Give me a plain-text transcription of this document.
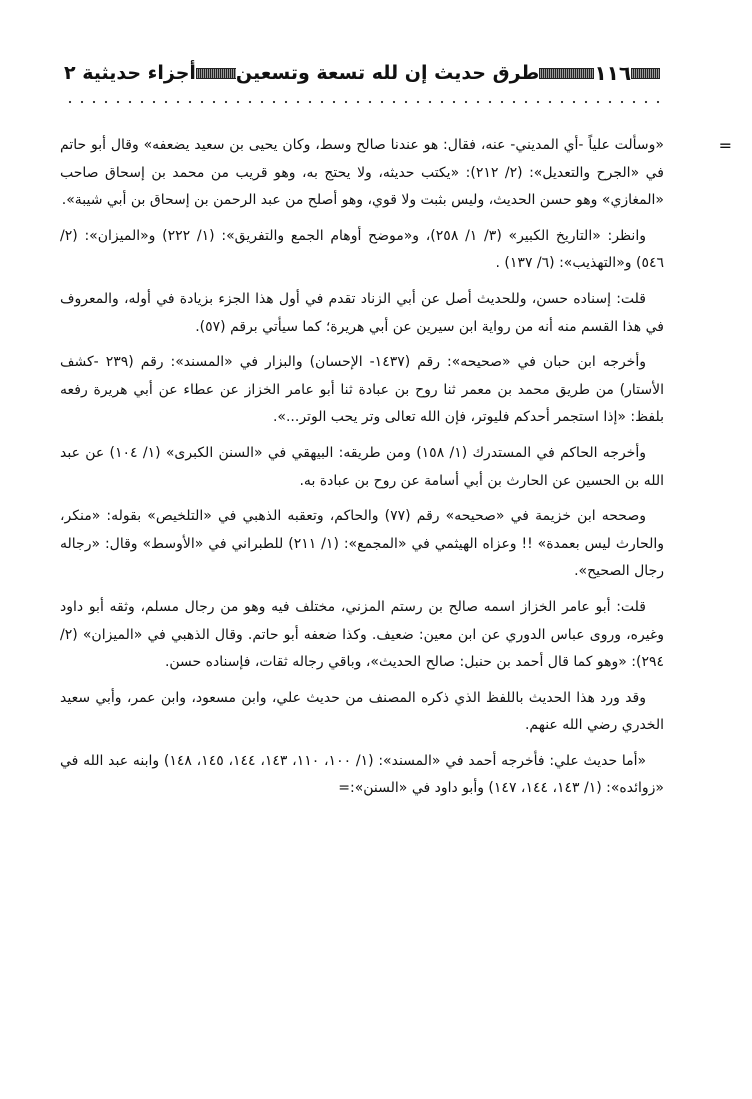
١١٦
طرق حديث إن لله تسعة وتسعين
أجزاء حديثية ٢
=

«وسألت علياً -أي المديني- عنه، فقال: هو عندنا صالح وسط، وكان يحيى بن سعيد يضعفه» وقال أبو حاتم في «الجرح والتعديل»: (٢/ ٢١٢): «يكتب حديثه، ولا يحتج به، وهو قريب من محمد بن إسحاق صاحب «المغازي» وهو حسن الحديث، وليس بثبت ولا قوي، وهو أصلح من عبد الرحمن بن إسحاق بن أبي شيبة».

وانظر: «التاريخ الكبير» (٣/ ١/ ٢٥٨)، و«موضح أوهام الجمع والتفريق»: (١/ ٢٢٢) و«الميزان»: (٢/ ٥٤٦) و«التهذيب»: (٦/ ١٣٧) .

قلت: إسناده حسن، وللحديث أصل عن أبي الزناد تقدم في أول هذا الجزء بزيادة في أوله، والمعروف في هذا القسم منه أنه من رواية ابن سيرين عن أبي هريرة؛ كما سيأتي برقم (٥٧).

وأخرجه ابن حبان في «صحيحه»: رقم (١٤٣٧- الإحسان) والبزار في «المسند»: رقم (٢٣٩ -كشف الأستار) من طريق محمد بن معمر ثنا روح بن عبادة ثنا أبو عامر الخزاز عن عطاء عن أبي هريرة رفعه بلفظ: «إذا استجمر أحدكم فليوتر، فإن الله تعالى وتر يحب الوتر...».

وأخرجه الحاكم في المستدرك (١/ ١٥٨) ومن طريقه: البيهقي في «السنن الكبرى» (١/ ١٠٤) عن عبد الله بن الحسين عن الحارث بن أبي أسامة عن روح بن عبادة به.

وصححه ابن خزيمة في «صحيحه» رقم (٧٧) والحاكم، وتعقبه الذهبي في «التلخيص» بقوله: «منكر، والحارث ليس بعمدة» !! وعزاه الهيثمي في «المجمع»: (١/ ٢١١) للطبراني في «الأوسط» وقال: «رجاله رجال الصحيح».

قلت: أبو عامر الخزاز اسمه صالح بن رستم المزني، مختلف فيه وهو من رجال مسلم، وثقه أبو داود وغيره، وروى عباس الدوري عن ابن معين: ضعيف. وكذا ضعفه أبو حاتم. وقال الذهبي في «الميزان» (٢/ ٢٩٤): «وهو كما قال أحمد بن حنبل: صالح الحديث»، وباقي رجاله ثقات، فإسناده حسن.

وقد ورد هذا الحديث باللفظ الذي ذكره المصنف من حديث علي، وابن مسعود، وابن عمر، وأبي سعيد الخدري رضي الله عنهم.

«أما حديث علي: فأخرجه أحمد في «المسند»: (١/ ١٠٠، ١١٠، ١٤٣، ١٤٤، ١٤٥، ١٤٨) وابنه عبد الله في «زوائده»: (١/ ١٤٣، ١٤٤، ١٤٧) وأبو داود في «السنن»:=
